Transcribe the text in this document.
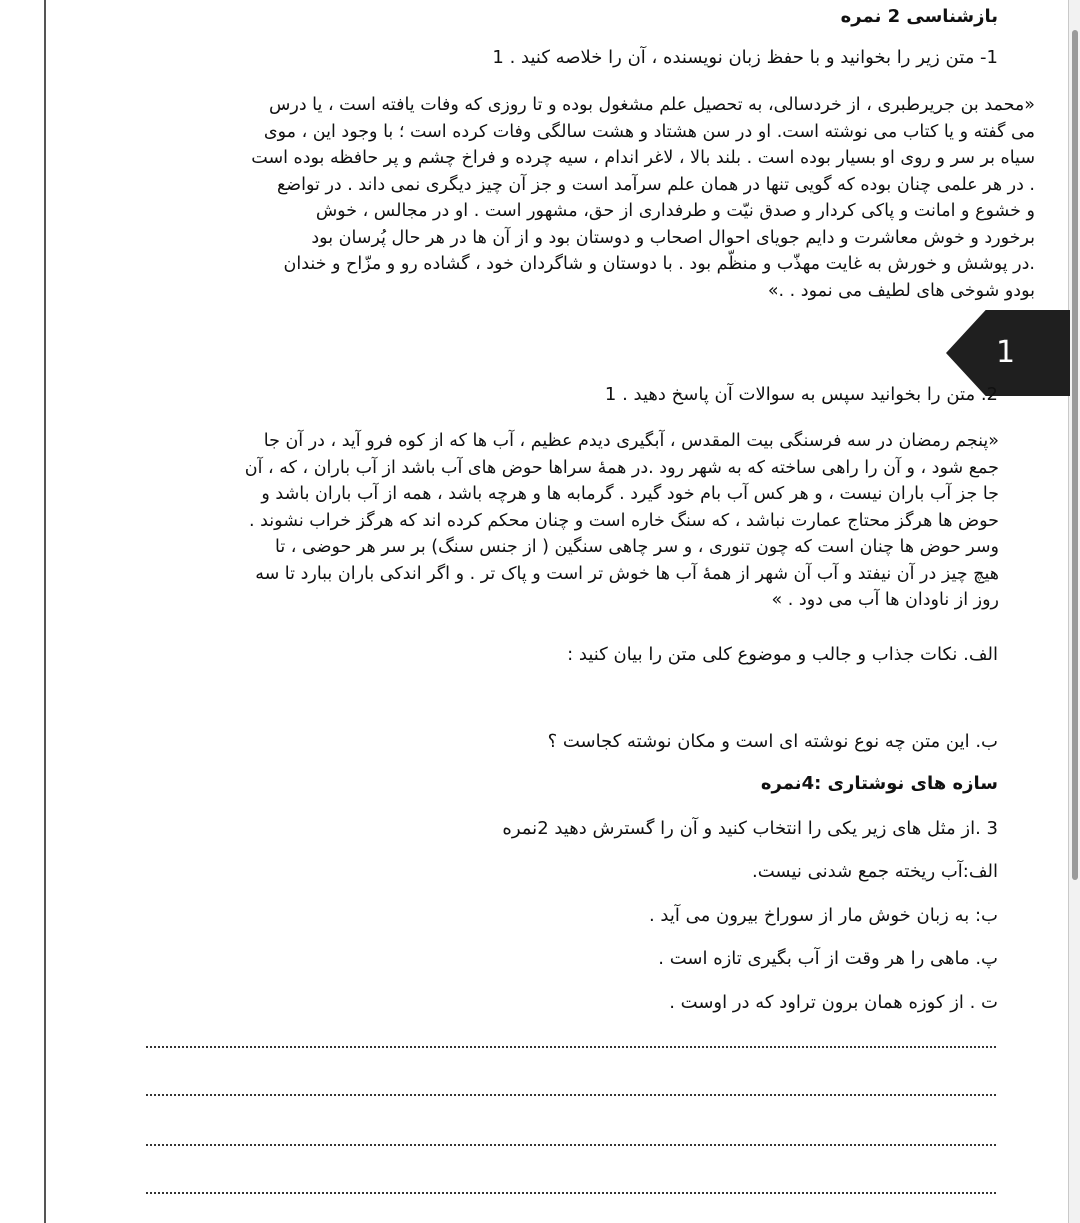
بازشناسی 2 نمره
1- متن زیر را بخوانید و با حفظ زبان نویسنده ، آن را خلاصه کنید . 1
«محمد بن جریرطبری ، از خردسالی، به تحصیل علم مشغول بوده و تا روزی که وفات یافته است ، یا درس
می گفته و یا کتاب می نوشته است. او در سن هشتاد و هشت سالگی وفات کرده است ؛ با وجود این ، موی
سیاه بر سر و روی او بسیار بوده است . بلند بالا ، لاغر اندام ، سیه چرده و فراخ چشم و پر حافظه بوده است
. در هر علمی چنان بوده که گویی تنها در همان علم سرآمد است و جز آن چیز دیگری نمی داند . در تواضع
و خشوع و امانت و پاکی کردار و صدق نیّت و طرفداری از حق، مشهور است . او در مجالس ، خوش
برخورد و خوش معاشرت و دایم جویای احوال اصحاب و دوستان بود و از آن ها در هر حال پُرسان بود
.در پوشش و خورش به غایت مهذّب و منظّم بود . با دوستان و شاگردان خود ، گشاده رو و مزّاح و خندان
بودو شوخی های لطیف می نمود . .»
1
2. متن را بخوانید سپس به سوالات آن پاسخ دهید . 1
«پنجم رمضان در سه فرسنگی بیت المقدس ، آبگیری دیدم عظیم ، آب ها که از کوه فرو آید ، در آن جا
جمع شود ، و آن را راهی ساخته که به شهر رود .در همهٔ سراها حوض های آب باشد از آب باران ، که ، آن
جا جز آب باران نیست ، و هر کس آب بام خود گیرد . گرمابه ها و هرچه باشد ، همه از آب باران باشد و
حوض ها هرگز محتاج عمارت نباشد ، که سنگ خاره است و چنان محکم کرده اند که هرگز خراب نشوند .
وسر حوض ها چنان است که چون تنوری ، و سر چاهی سنگین ( از جنس سنگ) بر سر هر حوضی ، تا
هیچ چیز در آن نیفتد و آب آن شهر از همهٔ آب ها خوش تر است و پاک تر . و اگر اندکی باران ببارد تا سه
روز از ناودان ها آب می دود . »
الف. نکات جذاب و جالب و موضوع کلی متن را بیان کنید :
ب. این متن چه نوع نوشته ای است و مکان نوشته کجاست ؟
سازه های نوشتاری :4نمره
3 .از مثل های زیر یکی را انتخاب کنید و آن را گسترش دهید 2نمره
الف:آب ریخته جمع شدنی نیست.
ب: به زبان خوش مار از سوراخ بیرون می آید .
پ. ماهی را هر وقت از آب بگیری تازه است .
ت . از کوزه همان برون تراود که در اوست .
